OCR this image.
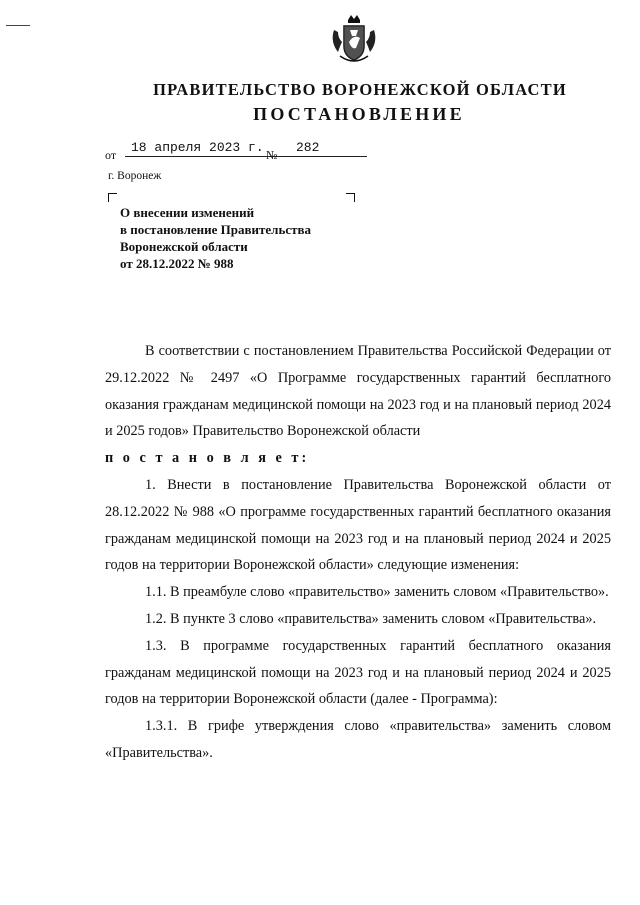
ПРАВИТЕЛЬСТВО ВОРОНЕЖСКОЙ ОБЛАСТИ
ПОСТАНОВЛЕНИЕ
от 18 апреля 2023 г. № 282
г. Воронеж
О внесении изменений
в постановление Правительства
Воронежской области
от 28.12.2022 № 988

В соответствии с постановлением Правительства Российской Федерации от 29.12.2022 № 2497 «О Программе государственных гарантий бесплатного оказания гражданам медицинской помощи на 2023 год и на плановый период 2024 и 2025 годов» Правительство Воронежской области

п о с т а н о в л я е т:

1. Внести в постановление Правительства Воронежской области от 28.12.2022 № 988 «О программе государственных гарантий бесплатного оказания гражданам медицинской помощи на 2023 год и на плановый период 2024 и 2025 годов на территории Воронежской области» следующие изменения:

1.1. В преамбуле слово «правительство» заменить словом «Правительство».

1.2. В пункте 3 слово «правительства» заменить словом «Правительства».

1.3. В программе государственных гарантий бесплатного оказания гражданам медицинской помощи на 2023 год и на плановый период 2024 и 2025 годов на территории Воронежской области (далее - Программа):

1.3.1. В грифе утверждения слово «правительства» заменить словом «Правительства».
